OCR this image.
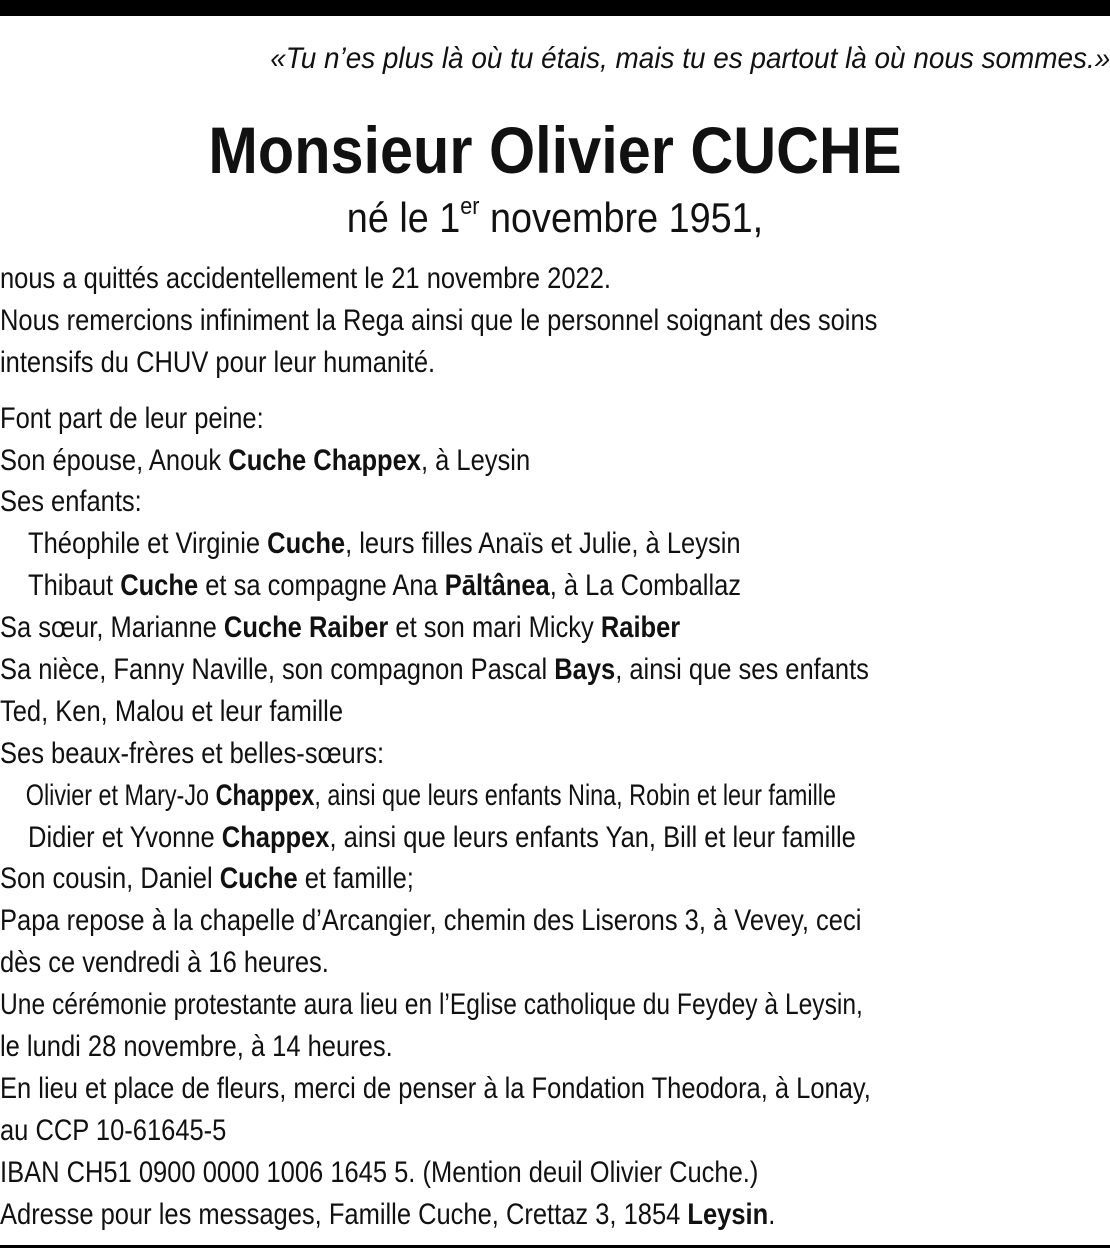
«Tu n’es plus là où tu étais, mais tu es partout là où nous sommes.»
Monsieur Olivier CUCHE
né le 1er novembre 1951,
nous a quittés accidentellement le 21 novembre 2022.
Nous remercions infiniment la Rega ainsi que le personnel soignant des soins
intensifs du CHUV pour leur humanité.
Font part de leur peine:
Son épouse, Anouk Cuche Chappex, à Leysin
Ses enfants:
Théophile et Virginie Cuche, leurs filles Anaïs et Julie, à Leysin
Thibaut Cuche et sa compagne Ana Pāltânea, à La Comballaz
Sa sœur, Marianne Cuche Raiber et son mari Micky Raiber
Sa nièce, Fanny Naville, son compagnon Pascal Bays, ainsi que ses enfants
Ted, Ken, Malou et leur famille
Ses beaux-frères et belles-sœurs:
Olivier et Mary-Jo Chappex, ainsi que leurs enfants Nina, Robin et leur famille
Didier et Yvonne Chappex, ainsi que leurs enfants Yan, Bill et leur famille
Son cousin, Daniel Cuche et famille;
Papa repose à la chapelle d’Arcangier, chemin des Liserons 3, à Vevey, ceci
dès ce vendredi à 16 heures.
Une cérémonie protestante aura lieu en l’Eglise catholique du Feydey à Leysin,
le lundi 28 novembre, à 14 heures.
En lieu et place de fleurs, merci de penser à la Fondation Theodora, à Lonay,
au CCP 10-61645-5
IBAN CH51 0900 0000 1006 1645 5. (Mention deuil Olivier Cuche.)
Adresse pour les messages, Famille Cuche, Crettaz 3, 1854 Leysin.
